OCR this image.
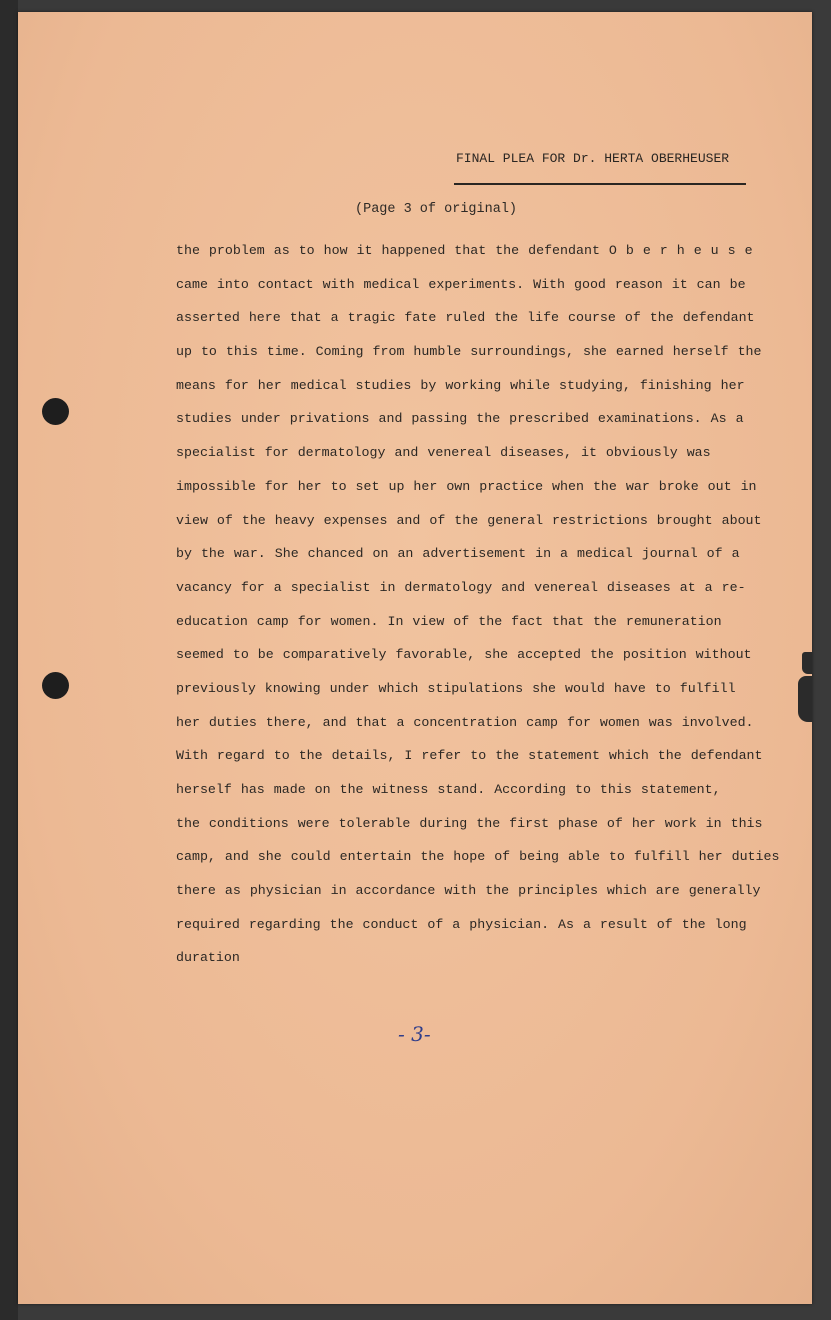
FINAL PLEA FOR Dr. HERTA OBERHEUSER
(Page 3 of original)
the problem as to how it happened that the defendant O b e r h e u s e
came into contact with medical experiments. With good reason it can be
asserted here that a tragic fate ruled the life course of the defendant
up to this time. Coming from humble surroundings, she earned herself the
means for her medical studies by working while studying, finishing her
studies under privations and passing the prescribed examinations. As a
specialist for dermatology and venereal diseases, it obviously was
impossible for her to set up her own practice when the war broke out in
view of the heavy expenses and of the general restrictions brought about
by the war. She chanced on an advertisement in a medical journal of a
vacancy for a specialist in dermatology and venereal diseases at a re-
education camp for women. In view of the fact that the remuneration
seemed to be comparatively favorable, she accepted the position without
previously knowing under which stipulations she would have to fulfill
her duties there, and that a concentration camp for women was involved.
With regard to the details, I refer to the statement which the defendant
herself has made on the witness stand. According to this statement,
the conditions were tolerable during the first phase of her work in this
camp, and she could entertain the hope of being able to fulfill her duties
there as physician in accordance with the principles which are generally
required regarding the conduct of a physician. As a result of the long
duration
- 3-
